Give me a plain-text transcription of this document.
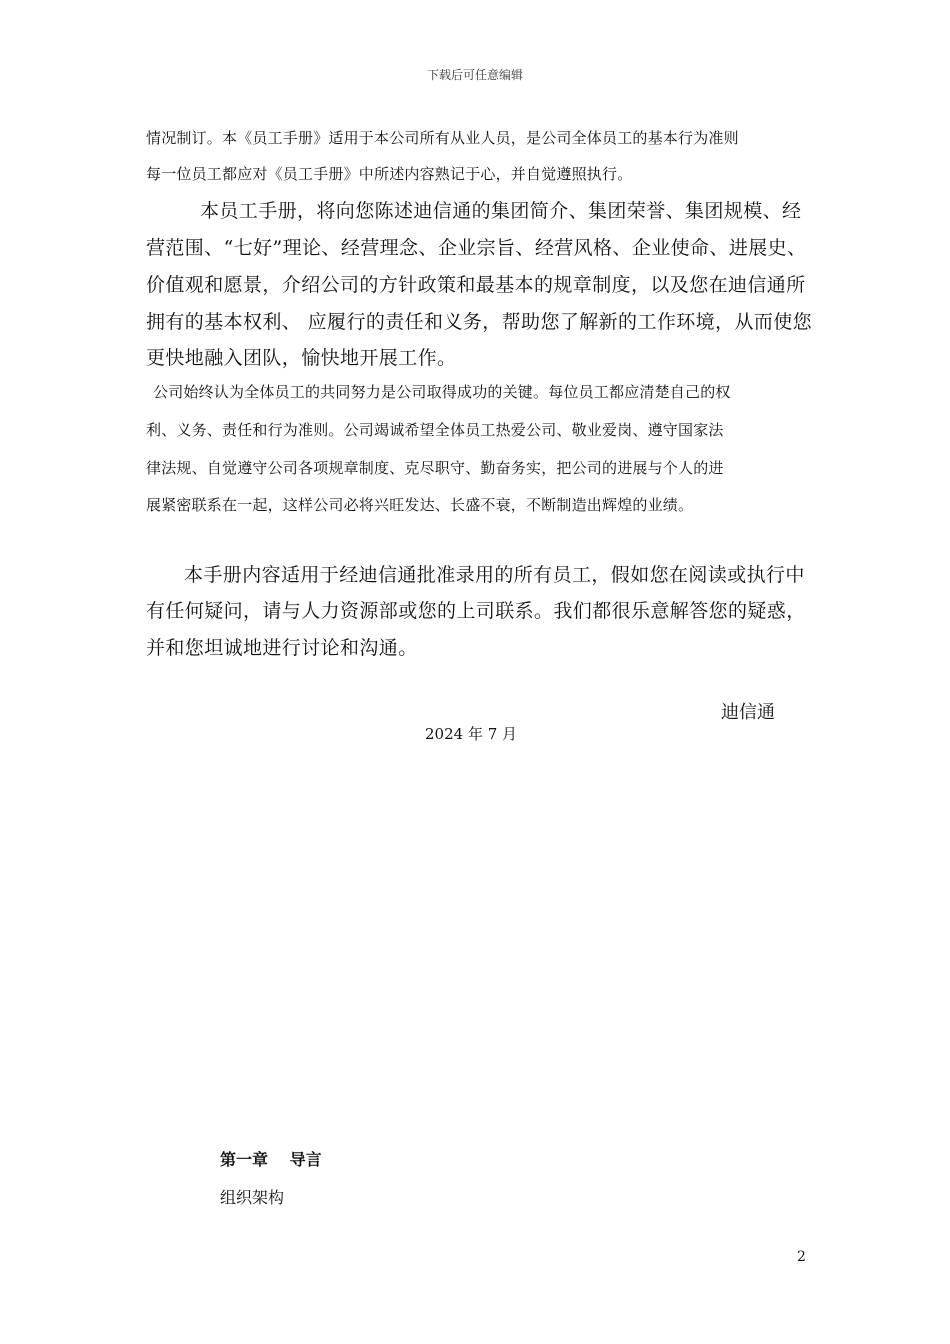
下载后可任意编辑
情况制订。本《员工手册》适用于本公司所有从业人员，是公司全体员工的基本行为准则
每一位员工都应对《员工手册》中所述内容熟记于心，并自觉遵照执行。
本员工手册，将向您陈述迪信通的集团简介、集团荣誉、集团规模、经
营范围、“七好”理论、经营理念、企业宗旨、经营风格、企业使命、进展史、
价值观和愿景，介绍公司的方针政策和最基本的规章制度，以及您在迪信通所
拥有的基本权利、 应履行的责任和义务，帮助您了解新的工作环境，从而使您
更快地融入团队，愉快地开展工作。
公司始终认为全体员工的共同努力是公司取得成功的关键。每位员工都应清楚自己的权
利、义务、责任和行为准则。公司竭诚希望全体员工热爱公司、敬业爱岗、遵守国家法
律法规、自觉遵守公司各项规章制度、克尽职守、勤奋务实，把公司的进展与个人的进
展紧密联系在一起，这样公司必将兴旺发达、长盛不衰，不断制造出辉煌的业绩。
本手册内容适用于经迪信通批准录用的所有员工，假如您在阅读或执行中
有任何疑问，请与人力资源部或您的上司联系。我们都很乐意解答您的疑惑，
并和您坦诚地进行讨论和沟通。
迪信通
2024 年 7 月
第一章　 导言
组织架构
2
